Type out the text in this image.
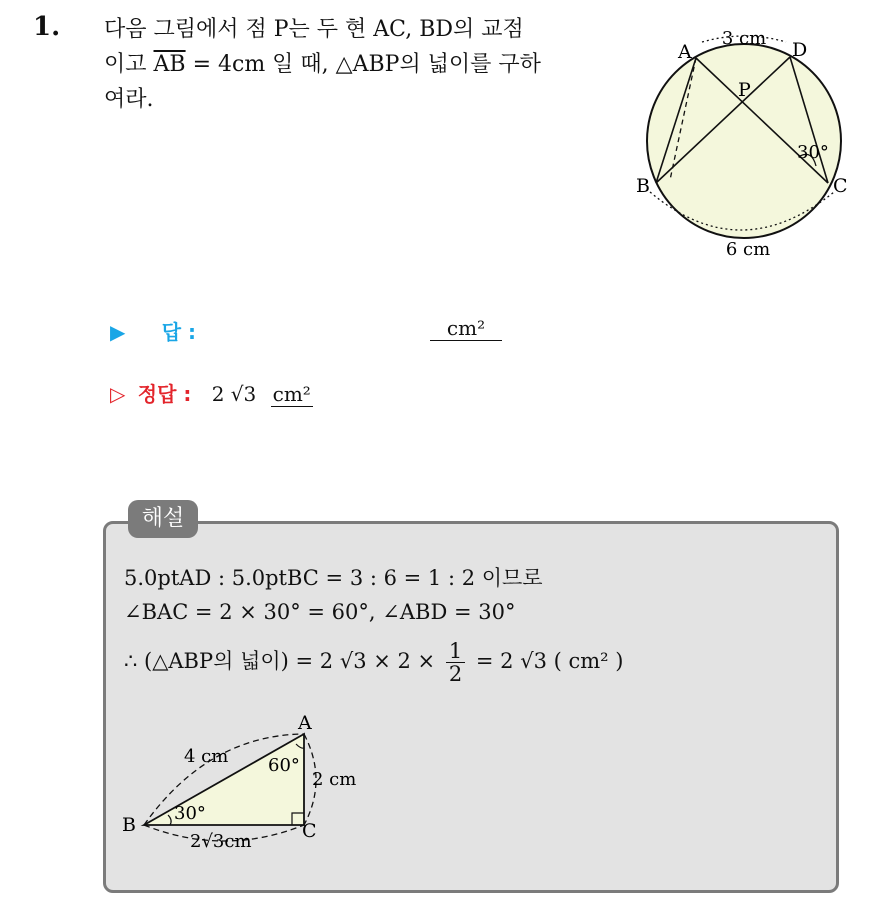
1. 다음 그림에서 점 P는 두 현 AC, BD의 교점
이고 $\overline{AB} = 4cm$ 일 때, △ABP의 넓이를 구하
여라.
A	D
B	C
P
3 cm
6 cm
30°
▶ 답 :	cm²
▷ 정답 : 2 √3 cm²
해설
5.0ptAD : 5.0ptBC = 3 : 6 = 1 : 2 이므로
∠BAC = 2 × 30° = 60°, ∠ABD = 30°
∴ (△ABP의 넓이) = 2 $√3 \times 2 \times \frac{1}{2} = 2$ √3 ( cm² )
A
B	C
4 cm
2 cm
2√3cm
60°
30°
